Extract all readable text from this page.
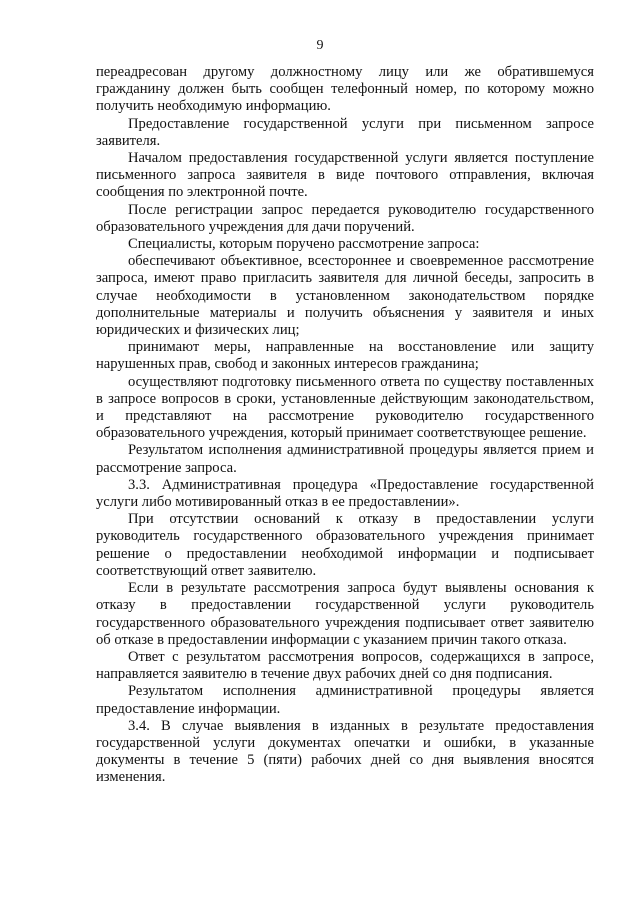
9

переадресован другому должностному лицу или же обратившемуся гражданину должен быть сообщен телефонный номер, по которому можно получить необходимую информацию.

Предоставление государственной услуги при письменном запросе заявителя.

Началом предоставления государственной услуги является поступление письменного запроса заявителя в виде почтового отправления, включая сообщения по электронной почте.

После регистрации запрос передается руководителю государственного образовательного учреждения для дачи поручений.

Специалисты, которым поручено рассмотрение запроса:

обеспечивают объективное, всестороннее и своевременное рассмотрение запроса, имеют право пригласить заявителя для личной беседы, запросить в случае необходимости в установленном законодательством порядке дополнительные материалы и получить объяснения у заявителя и иных юридических и физических лиц;

принимают меры, направленные на восстановление или защиту нарушенных прав, свобод и законных интересов гражданина;

осуществляют подготовку письменного ответа по существу поставленных в запросе вопросов в сроки, установленные действующим законодательством, и представляют на рассмотрение руководителю государственного образовательного учреждения, который принимает соответствующее решение.

Результатом исполнения административной процедуры является прием и рассмотрение запроса.

3.3. Административная процедура «Предоставление государственной услуги либо мотивированный отказ в ее предоставлении».

При отсутствии оснований к отказу в предоставлении услуги руководитель государственного образовательного учреждения принимает решение о предоставлении необходимой информации и подписывает соответствующий ответ заявителю.

Если в результате рассмотрения запроса будут выявлены основания к отказу в предоставлении государственной услуги руководитель государственного образовательного учреждения подписывает ответ заявителю об отказе в предоставлении информации с указанием причин такого отказа.

Ответ с результатом рассмотрения вопросов, содержащихся в запросе, направляется заявителю в течение двух рабочих дней со дня подписания.

Результатом исполнения административной процедуры является предоставление информации.

3.4. В случае выявления в изданных в результате предоставления государственной услуги документах опечатки и ошибки, в указанные документы в течение 5 (пяти) рабочих дней со дня выявления вносятся изменения.
